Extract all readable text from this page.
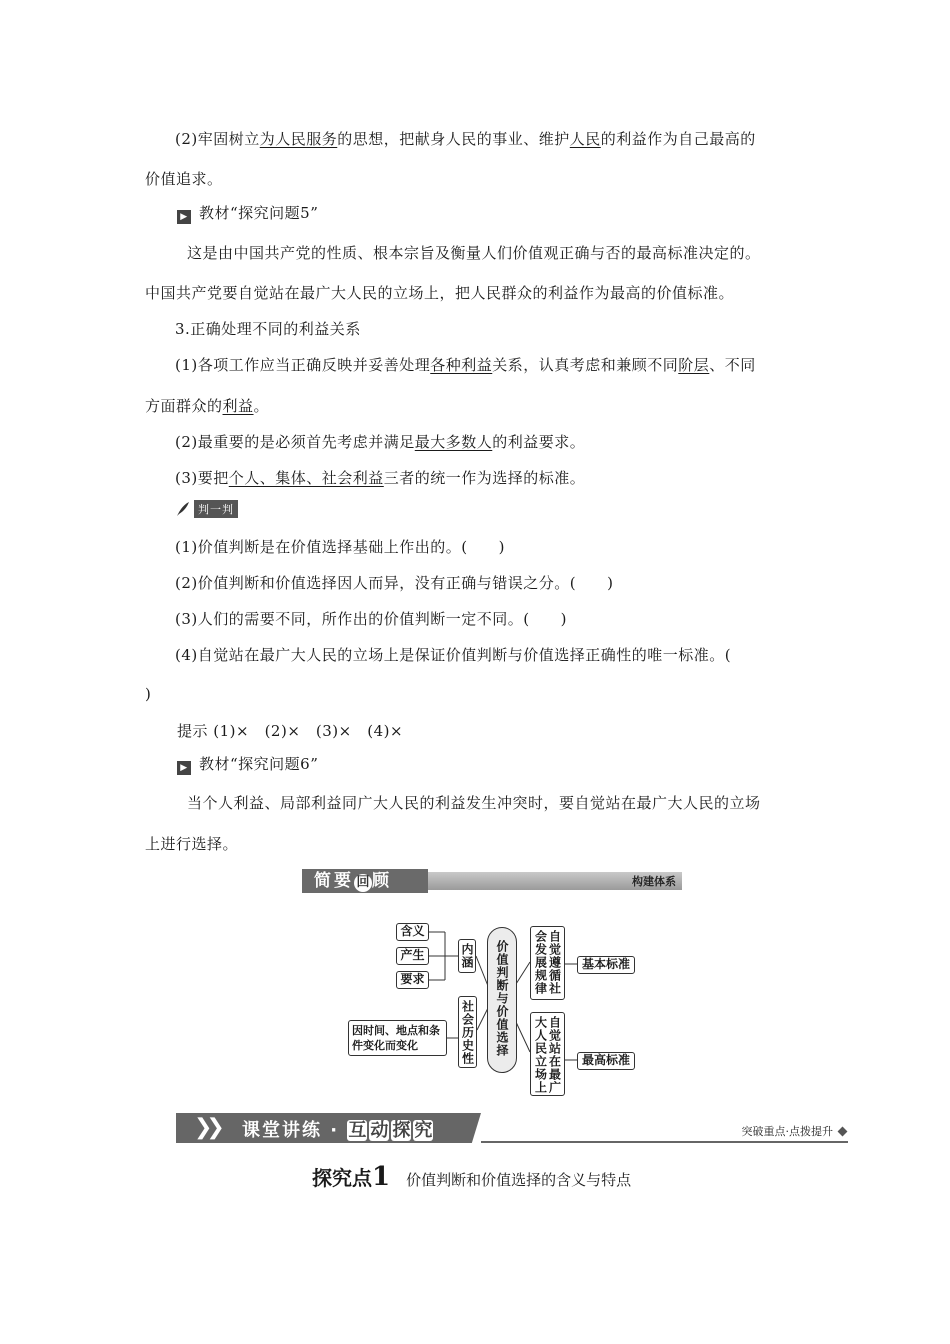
(2)牢固树立为人民服务的思想，把献身人民的事业、维护人民的利益作为自己最高的
价值追求。
▶ 教材“探究问题5”
这是由中国共产党的性质、根本宗旨及衡量人们价值观正确与否的最高标准决定的。
中国共产党要自觉站在最广大人民的立场上，把人民群众的利益作为最高的价值标准。
3.正确处理不同的利益关系
(1)各项工作应当正确反映并妥善处理各种利益关系，认真考虑和兼顾不同阶层、不同
方面群众的利益。
(2)最重要的是必须首先考虑并满足最大多数人的利益要求。
(3)要把个人、集体、社会利益三者的统一作为选择的标准。
判一判
(1)价值判断是在价值选择基础上作出的。(　　)
(2)价值判断和价值选择因人而异，没有正确与错误之分。(　　)
(3)人们的需要不同，所作出的价值判断一定不同。(　　)
(4)自觉站在最广大人民的立场上是保证价值判断与价值选择正确性的唯一标准。(
)
提示 (1)×　(2)×　(3)×　(4)×
▶ 教材“探究问题6”
当个人利益、局部利益同广大人民的利益发生冲突时，要自觉站在最广大人民的立场
上进行选择。
简要 回 顾	构建体系
含义
产生
要求
内涵
社会历史性
因时间、地点和条件变化而变化	价值判断与价值选择	自觉遵循社
会发展规律
自觉站在最广
大人民立场上
基本标准
最高标准
❯❯ 课堂讲练 · 互 动 探 究	突破重点·点拨提升
探究点1 价值判断和价值选择的含义与特点
